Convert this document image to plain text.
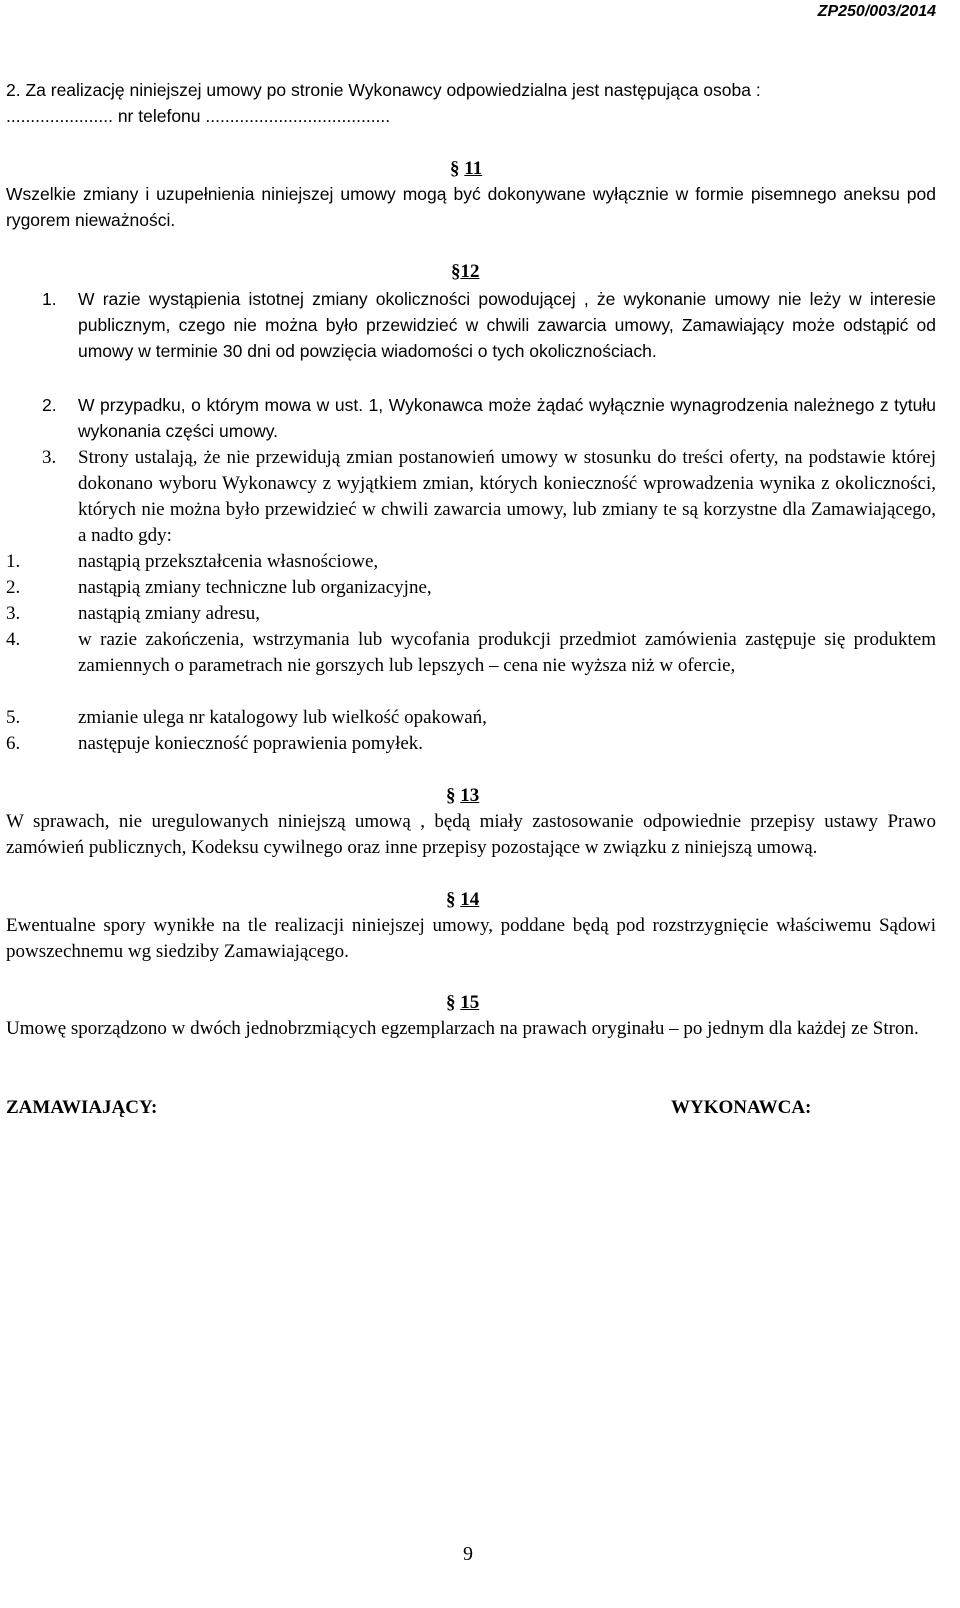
ZP250/003/2014
2. Za realizację niniejszej umowy po stronie Wykonawcy odpowiedzialna jest następująca osoba :
...................... nr telefonu ......................................
§ 11
Wszelkie zmiany i uzupełnienia niniejszej umowy mogą być dokonywane wyłącznie w formie pisemnego aneksu pod rygorem nieważności.
§12
1. W razie wystąpienia istotnej zmiany okoliczności powodującej , że wykonanie umowy nie leży w interesie publicznym, czego nie można było przewidzieć w chwili zawarcia umowy, Zamawiający może odstąpić od umowy w terminie 30 dni od powzięcia wiadomości o tych okolicznościach.
2. W przypadku, o którym mowa w ust. 1, Wykonawca może żądać wyłącznie wynagrodzenia należnego z tytułu wykonania części umowy.
3. Strony ustalają, że nie przewidują zmian postanowień umowy w stosunku do treści oferty, na podstawie której dokonano wyboru Wykonawcy z wyjątkiem zmian, których konieczność wprowadzenia wynika z okoliczności, których nie można było przewidzieć w chwili zawarcia umowy, lub zmiany te są korzystne dla Zamawiającego, a nadto gdy:
1.	nastąpią przekształcenia własnościowe,
2.	nastąpią zmiany techniczne lub organizacyjne,
3.	nastąpią zmiany adresu,
4.	w razie zakończenia, wstrzymania lub wycofania produkcji przedmiot zamówienia zastępuje się produktem zamiennych o parametrach nie gorszych lub lepszych – cena nie wyższa niż w ofercie,
5.	zmianie ulega nr katalogowy lub wielkość opakowań,
6.	następuje konieczność poprawienia pomyłek.
§ 13
W sprawach, nie uregulowanych niniejszą umową , będą miały zastosowanie odpowiednie przepisy ustawy Prawo zamówień publicznych, Kodeksu cywilnego oraz inne przepisy pozostające w związku z niniejszą umową.
§ 14
Ewentualne spory wynikłe na tle realizacji niniejszej umowy, poddane będą pod rozstrzygnięcie właściwemu Sądowi powszechnemu wg siedziby Zamawiającego.
§ 15
Umowę sporządzono w dwóch jednobrzmiących egzemplarzach na prawach oryginału – po jednym dla każdej ze Stron.
ZAMAWIAJĄCY:	WYKONAWCA:
9
